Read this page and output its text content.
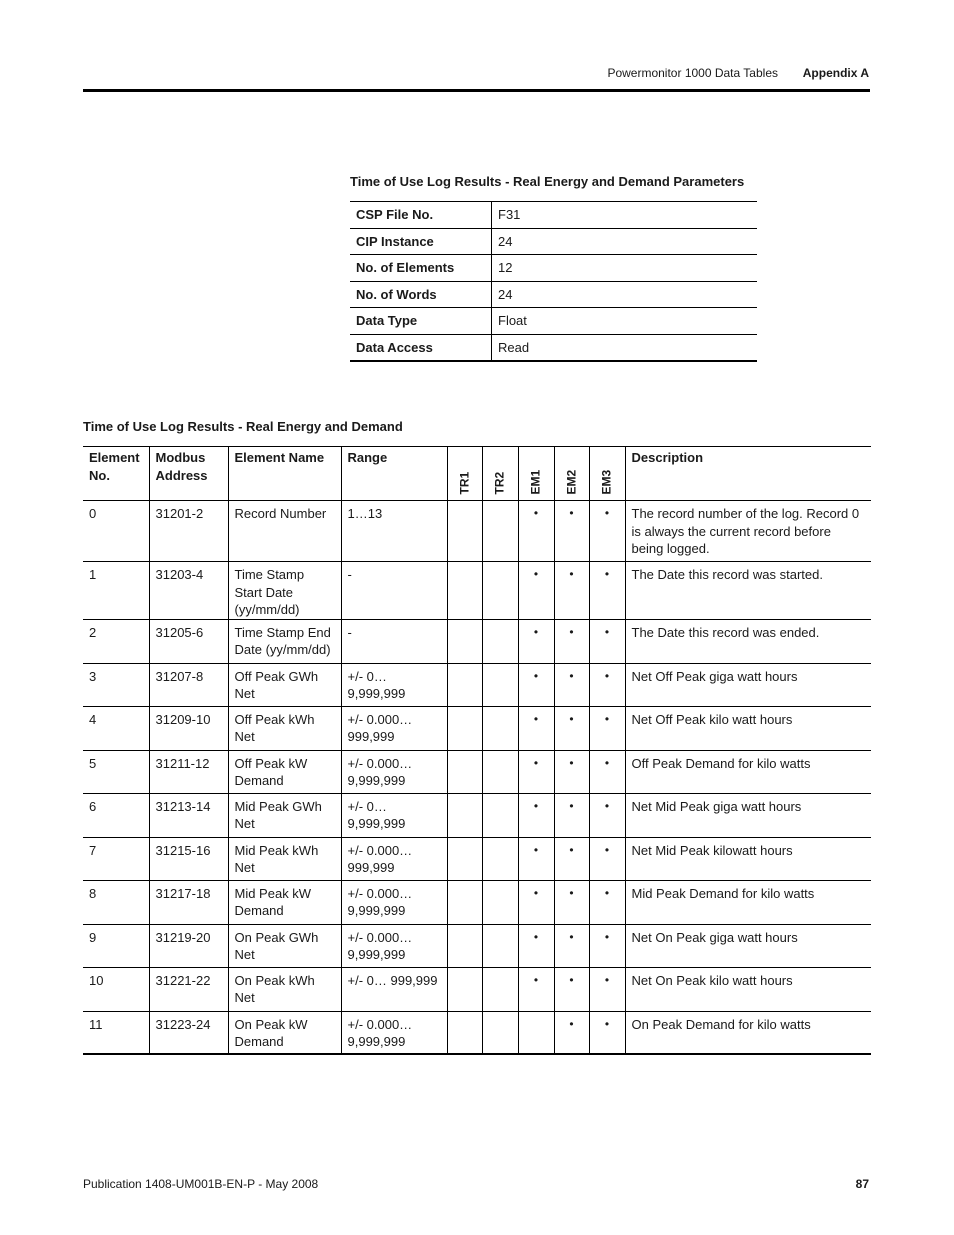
Powermonitor 1000 Data Tables Appendix A
Time of Use Log Results - Real Energy and Demand Parameters
CSP File No.	F31
CIP Instance	24
No. of Elements	12
No. of Words	24
Data Type	Float
Data Access	Read
Time of Use Log Results - Real Energy and Demand
Element No.	Modbus Address	Element Name	Range	TR1	TR2	EM1	EM2	EM3	Description
0	31201-2	Record Number	1…13			•	•	•	The record number of the log. Record 0 is always the current record before being logged.
1	31203-4	Time Stamp Start Date (yy/mm/dd)	-			•	•	•	The Date this record was started.
2	31205-6	Time Stamp End Date (yy/mm/dd)	-			•	•	•	The Date this record was ended.
3	31207-8	Off Peak GWh Net	+/- 0… 9,999,999			•	•	•	Net Off Peak giga watt hours
4	31209-10	Off Peak kWh Net	+/- 0.000… 999,999			•	•	•	Net Off Peak kilo watt hours
5	31211-12	Off Peak kW Demand	+/- 0.000… 9,999,999			•	•	•	Off Peak Demand for kilo watts
6	31213-14	Mid Peak GWh Net	+/- 0… 9,999,999			•	•	•	Net Mid Peak giga watt hours
7	31215-16	Mid Peak kWh Net	+/- 0.000… 999,999			•	•	•	Net Mid Peak kilowatt hours
8	31217-18	Mid Peak kW Demand	+/- 0.000… 9,999,999			•	•	•	Mid Peak Demand for kilo watts
9	31219-20	On Peak GWh Net	+/- 0.000… 9,999,999			•	•	•	Net On Peak giga watt hours
10	31221-22	On Peak kWh Net	+/- 0… 999,999			•	•	•	Net On Peak kilo watt hours
11	31223-24	On Peak kW Demand	+/- 0.000… 9,999,999				•	•	On Peak Demand for kilo watts
Publication 1408-UM001B-EN-P - May 2008	87
